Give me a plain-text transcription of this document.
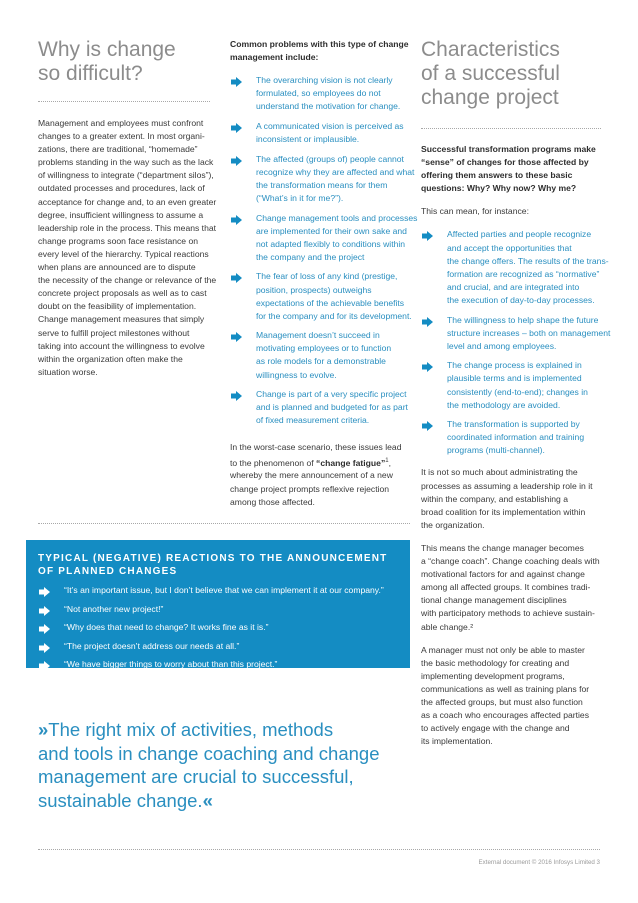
Why is change
so difficult?

Management and employees must confront
changes to a greater extent. In most organi-
zations, there are traditional, “homemade”
problems standing in the way such as the lack
of willingness to integrate (“department silos”),
outdated processes and procedures, lack of
acceptance for change and, to an even greater
degree, insufficient willingness to assume a
leadership role in the process. This means that
change programs soon face resistance on
every level of the hierarchy. Typical reactions
when plans are announced are to dispute
the necessity of the change or relevance of the
concrete project proposals as well as to cast
doubt on the feasibility of implementation.
Change management measures that simply
serve to fulfill project milestones without
taking into account the willingness to evolve
within the organization often make the
situation worse.

Common problems with this type of change
management include:
The overarching vision is not clearly
formulated, so employees do not
understand the motivation for change.
A communicated vision is perceived as
inconsistent or implausible.
The affected (groups of) people cannot
recognize why they are affected and what
the transformation means for them
(“What’s in it for me?”).
Change management tools and processes
are implemented for their own sake and
not adapted flexibly to conditions within
the company and the project
The fear of loss of any kind (prestige,
position, prospects) outweighs
expectations of the achievable benefits
for the company and for its development.
Management doesn’t succeed in
motivating employees or to function
as role models for a demonstrable
willingness to evolve.
Change is part of a very specific project
and is planned and budgeted for as part
of fixed measurement criteria.
In the worst-case scenario, these issues lead
to the phenomenon of “change fatigue”$^1$,
whereby the mere announcement of a new
change project prompts reflexive rejection
among those affected.
Characteristics
of a successful
change project
Successful transformation programs make
“sense” of changes for those affected by
offering them answers to these basic
questions: Why? Why now? Why me?
This can mean, for instance:
Affected parties and people recognize
and accept the opportunities that
the change offers. The results of the trans-
formation are recognized as “normative”
and crucial, and are integrated into
the execution of day-to-day processes.
The willingness to help shape the future
structure increases – both on management
level and among employees.
The change process is explained in
plausible terms and is implemented
consistently (end-to-end); changes in
the methodology are avoided.
The transformation is supported by
coordinated information and training
programs (multi-channel).
It is not so much about administrating the
processes as assuming a leadership role in it
within the company, and establishing a
broad coalition for its implementation within
the organization.
This means the change manager becomes
a “change coach”. Change coaching deals with
motivational factors for and against change
among all affected groups. It combines tradi-
tional change management disciplines
with participatory methods to achieve sustain-
able change.²
A manager must not only be able to master
the basic methodology for creating and
implementing development programs,
communications as well as training plans for
the affected groups, but must also function
as a coach who encourages affected parties
to actively engage with the change and
its implementation.
TYPICAL (NEGATIVE) REACTIONS TO THE ANNOUNCEMENT
OF PLANNED CHANGES
“It’s an important issue, but I don’t believe that we can implement it at our company.”
“Not another new project!”
“Why does that need to change? It works fine as it is.”
“The project doesn’t address our needs at all.”
“We have bigger things to worry about than this project.”
»The right mix of activities, methods
and tools in change coaching and change
management are crucial to successful,
sustainable change.«
External document © 2016 Infosys Limited 3
